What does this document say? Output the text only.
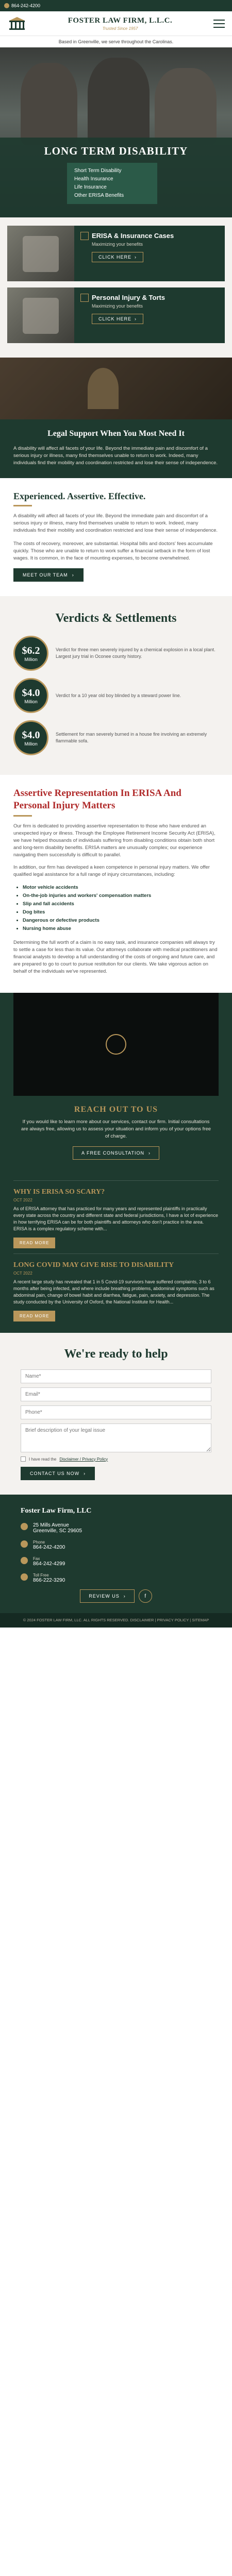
864-242-4200
FOSTER LAW FIRM, L.L.C.
Trusted Since 1957
Based in Greenville, we serve throughout the Carolinas.
LONG TERM DISABILITY
Short Term Disability
Health Insurance
Life Insurance
Other ERISA Benefits
ERISA & Insurance Cases
Maximizing your benefits
CLICK HERE ›
Personal Injury & Torts
Maximizing your benefits
CLICK HERE ›
Legal Support When You Most Need It

A disability will affect all facets of your life. Beyond the immediate pain and discomfort of a serious injury or illness, many find themselves unable to return to work. Indeed, many individuals find their mobility and coordination restricted and lose their sense of independence.

Experienced. Assertive. Effective.

A disability will affect all facets of your life. Beyond the immediate pain and discomfort of a serious injury or illness, many find themselves unable to return to work. Indeed, many individuals find their mobility and coordination restricted and lose their sense of independence.

The costs of recovery, moreover, are substantial. Hospital bills and doctors' fees accumulate quickly. Those who are unable to return to work suffer a financial setback in the form of lost wages. It is common, in the face of mounting expenses, to become overwhelmed.

MEET OUR TEAM ›
Verdicts & Settlements
$6.2
Million
Verdict for three men severely injured by a chemical explosion in a local plant. Largest jury trial in Oconee county history.
$4.0
Million
Verdict for a 10 year old boy blinded by a steward power line.
$4.0
Million
Settlement for man severely burned in a house fire involving an extremely flammable sofa.
Assertive Representation In ERISA And Personal Injury Matters

Our firm is dedicated to providing assertive representation to those who have endured an unexpected injury or illness. Through the Employee Retirement Income Security Act (ERISA), we have helped thousands of individuals suffering from disabling conditions obtain both short and long-term disability benefits. ERISA matters are unusually complex; our experience navigating them successfully is difficult to parallel.

In addition, our firm has developed a keen competence in personal injury matters. We offer qualified legal assistance for a full range of injury circumstances, including:

• Motor vehicle accidents
• On-the-job injuries and workers' compensation matters
• Slip and fall accidents
• Dog bites
• Dangerous or defective products
• Nursing home abuse

Determining the full worth of a claim is no easy task, and insurance companies will always try to settle a case for less than its value. Our attorneys collaborate with medical practitioners and financial analysts to develop a full understanding of the costs of ongoing and future care, and are prepared to go to court to pursue restitution for our clients. We take vigorous action on behalf of the individuals we've represented.

REACH OUT TO US

If you would like to learn more about our services, contact our firm. Initial consultations are always free, allowing us to assess your situation and inform you of your options free of charge.

A FREE CONSULTATION ›
WHY IS ERISA SO SCARY?
OCT 2022

As of ERISA attorney that has practiced for many years and represented plaintiffs in practically every state across the country and different state and federal jurisdictions, I have a lot of experience in how terrifying ERISA can be for both plaintiffs and attorneys who don't practice in the area. ERISA is a complex regulatory scheme with...

READ MORE
LONG COVID MAY GIVE RISE TO DISABILITY
OCT 2022

A recent large study has revealed that 1 in 5 Covid-19 survivors have suffered complaints, 3 to 6 months after being infected, and where include breathing problems, abdominal symptoms such as abdominal pain, change of bowel habit and diarrhea, fatigue, pain, anxiety, and depression. The study conducted by the University of Oxford, the National Institute for Health...

READ MORE
We're ready to help
Name*
Email*
Phone*
Brief description of your legal issue
I have read the Disclaimer / Privacy Policy
CONTACT US NOW ›
Foster Law Firm, LLC
25 Mills Avenue
Greenville, SC 29605
Phone
864-242-4200
Fax
864-242-4299
Toll Free
866-222-3290
REVIEW US ›	f
© 2024 FOSTER LAW FIRM, LLC. ALL RIGHTS RESERVED. DISCLAIMER | PRIVACY POLICY | SITEMAP
